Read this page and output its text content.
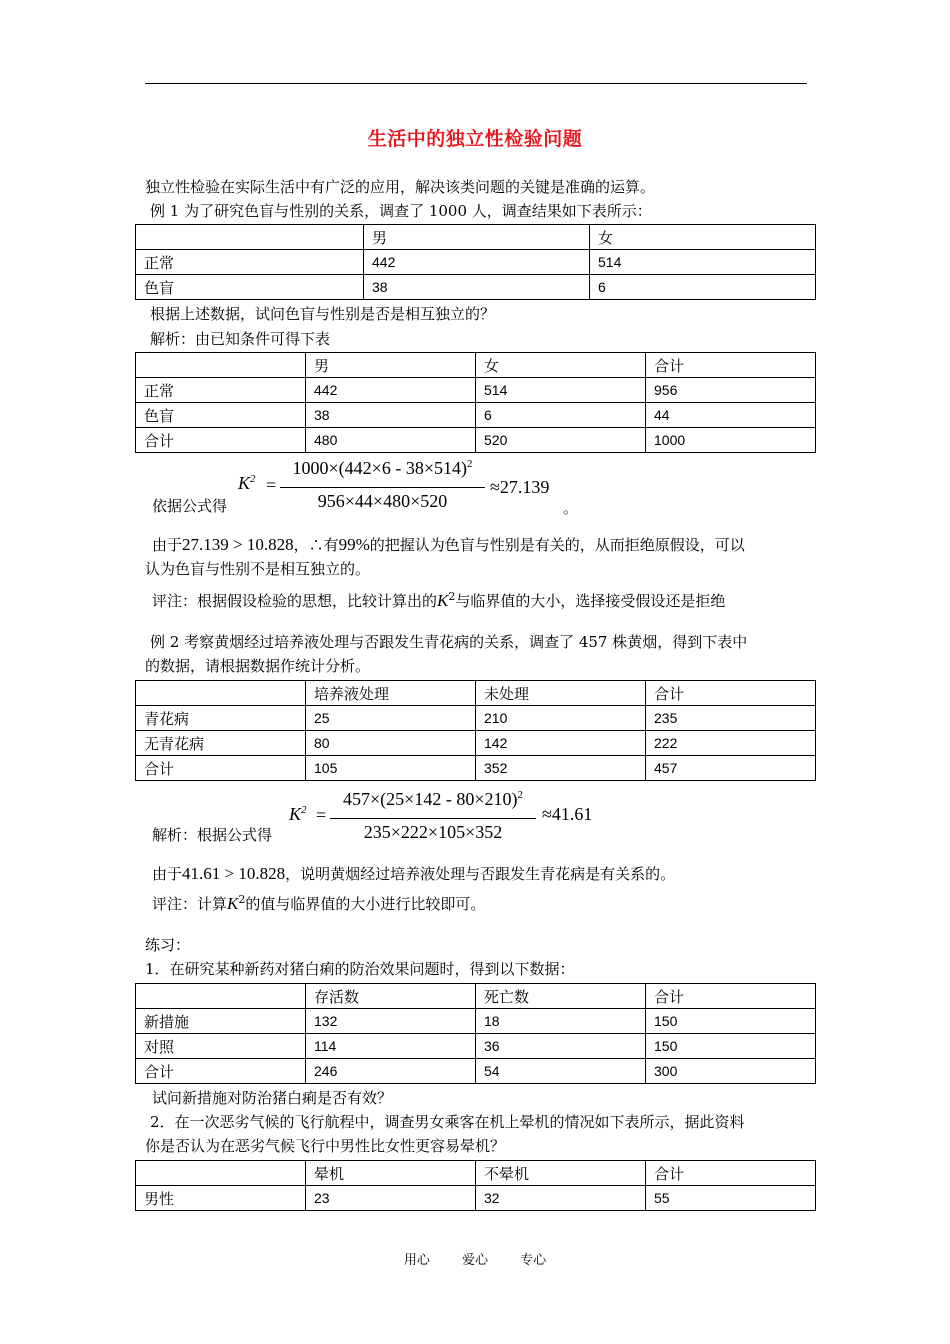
生活中的独立性检验问题
独立性检验在实际生活中有广泛的应用，解决该类问题的关键是准确的运算。
例 1 为了研究色盲与性别的关系，调查了 1000 人，调查结果如下表所示：
	男	女
正常	442	514
色盲	38	6
根据上述数据，试问色盲与性别是否是相互独立的？
解析：由已知条件可得下表
	男	女	合计
正常	442	514	956
色盲	38	6	44
合计	480	520	1000
依据公式得
$K^2$ =
$1000\times(442\times 6 - 38\times 514)^2$
956×44×480×520
≈27.139
。
由于27.139 > 10.828，∴有99%的把握认为色盲与性别是有关的，从而拒绝原假设，可以
认为色盲与性别不是相互独立的。
评注：根据假设检验的思想，比较计算出的$K^2$与临界值的大小，选择接受假设还是拒绝
例 2 考察黄烟经过培养液处理与否跟发生青花病的关系，调查了 457 株黄烟，得到下表中
的数据，请根据数据作统计分析。
	培养液处理	未处理	合计
青花病	25	210	235
无青花病	80	142	222
合计	105	352	457
解析：根据公式得
$K^2$ =
$457\times(25\times 142 - 80\times 210)^2$
235×222×105×352
≈41.61
由于41.61 > 10.828，说明黄烟经过培养液处理与否跟发生青花病是有关系的。
评注：计算$K^2$的值与临界值的大小进行比较即可。
练习：
1．在研究某种新药对猪白痢的防治效果问题时，得到以下数据：
	存活数	死亡数	合计
新措施	132	18	150
对照	114	36	150
合计	246	54	300
试问新措施对防治猪白痢是否有效？
2．在一次恶劣气候的飞行航程中，调查男女乘客在机上晕机的情况如下表所示，据此资料
你是否认为在恶劣气候飞行中男性比女性更容易晕机？
	晕机	不晕机	合计
男性	23	32	55
用心 爱心 专心
